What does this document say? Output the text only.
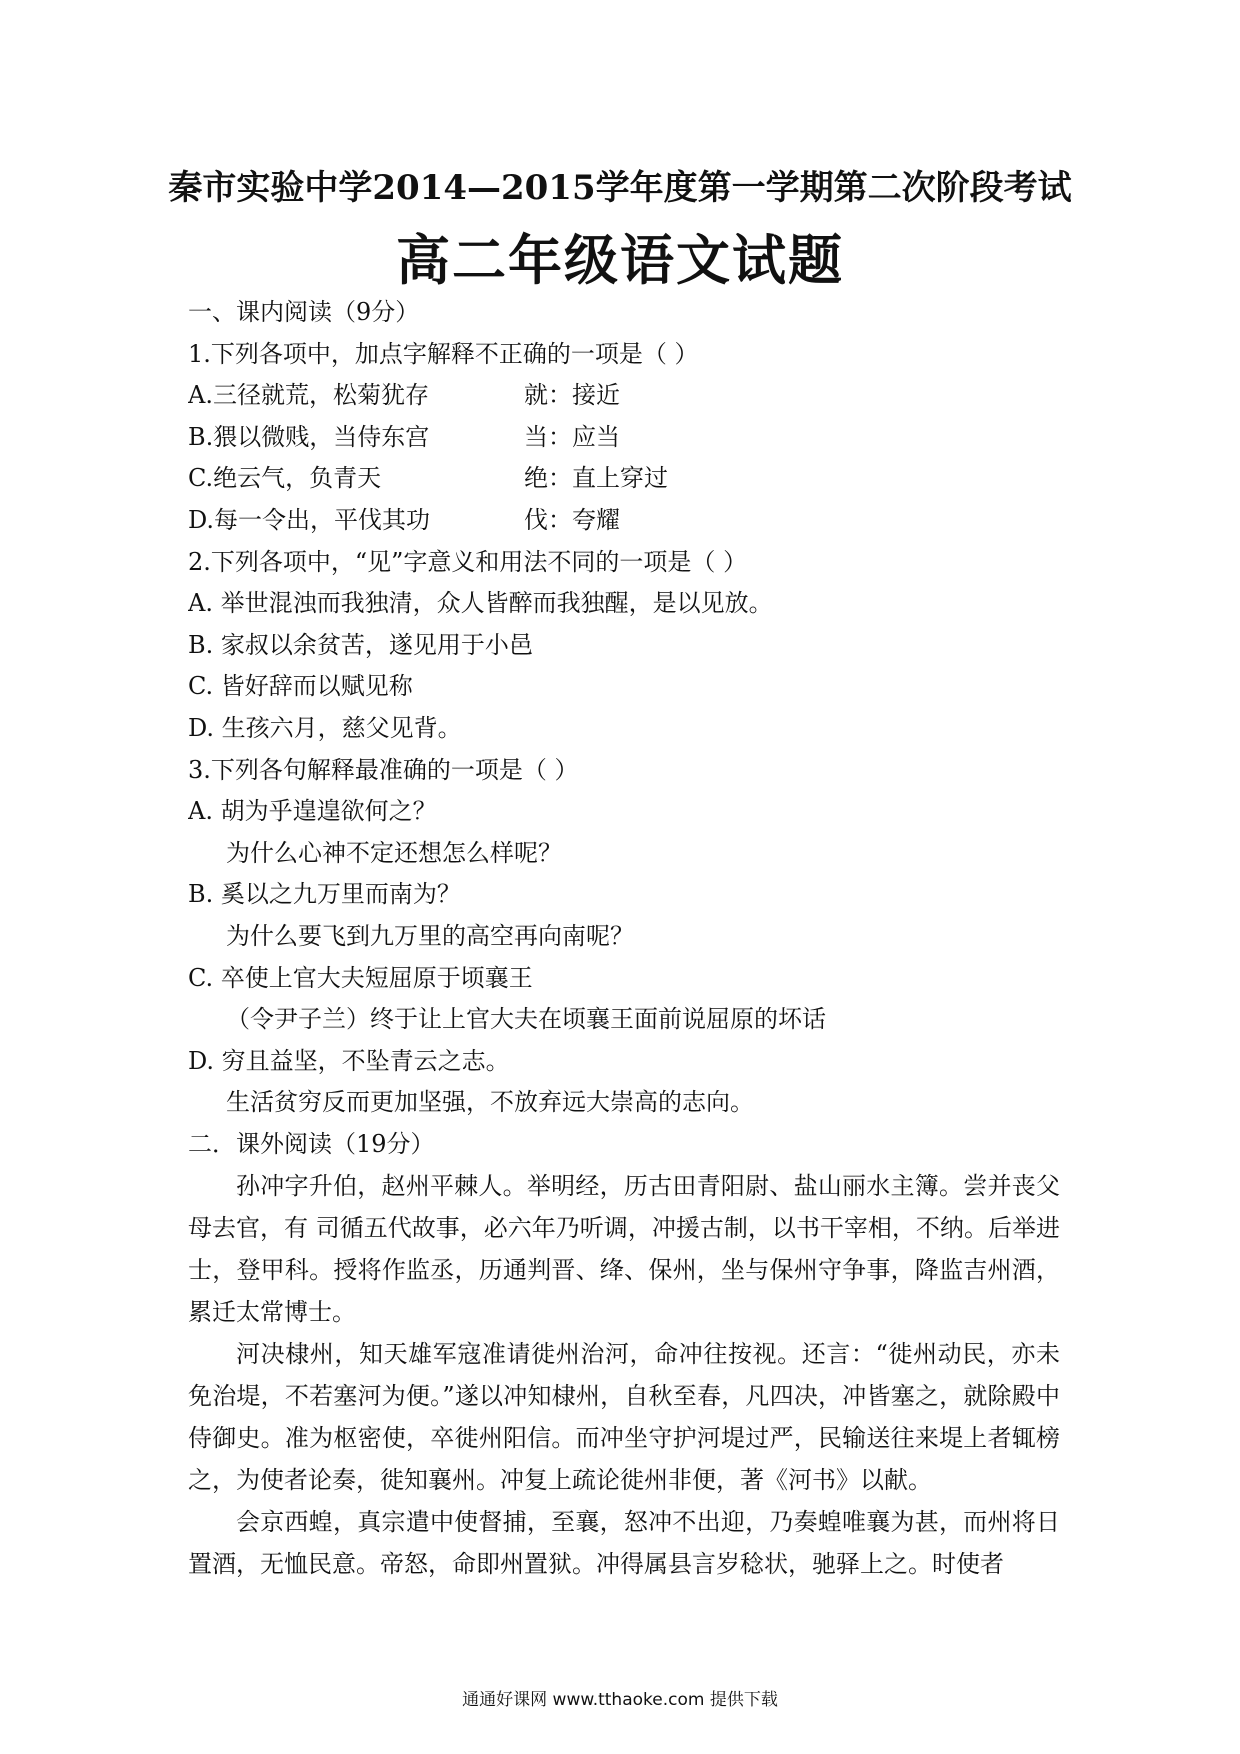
秦市实验中学2014—2015学年度第一学期第二次阶段考试
高二年级语文试题
一、课内阅读（9分）
1.下列各项中，加点字解释不正确的一项是（ ）
A.三径就荒，松菊犹存	就：接近
B.猥以微贱，当侍东宫	当：应当
C.绝云气，负青天	绝：直上穿过
D.每一令出，平伐其功	伐：夸耀
2.下列各项中，“见”字意义和用法不同的一项是（ ）
A. 举世混浊而我独清，众人皆醉而我独醒，是以见放。
B. 家叔以余贫苦，遂见用于小邑
C. 皆好辞而以赋见称
D. 生孩六月，慈父见背。
3.下列各句解释最准确的一项是（ ）
A. 胡为乎遑遑欲何之？
为什么心神不定还想怎么样呢？
B. 奚以之九万里而南为？
为什么要飞到九万里的高空再向南呢？
C. 卒使上官大夫短屈原于顷襄王
（令尹子兰）终于让上官大夫在顷襄王面前说屈原的坏话
D. 穷且益坚，不坠青云之志。
生活贫穷反而更加坚强，不放弃远大崇高的志向。
二．课外阅读（19分）

孙冲字升伯，赵州平棘人。举明经，历古田青阳尉、盐山丽水主簿。尝并丧父母去官，有 司循五代故事，必六年乃听调，冲援古制，以书干宰相，不纳。后举进士，登甲科。授将作监丞，历通判晋、绛、保州，坐与保州守争事，降监吉州酒，累迁太常博士。

河决棣州，知天雄军寇准请徙州治河，命冲往按视。还言：“徙州动民，亦未免治堤，不若塞河为便。”遂以冲知棣州，自秋至春，凡四决，冲皆塞之，就除殿中侍御史。准为枢密使，卒徙州阳信。而冲坐守护河堤过严，民输送往来堤上者辄榜之，为使者论奏，徙知襄州。冲复上疏论徙州非便，著《河书》以献。

会京西蝗，真宗遣中使督捕，至襄，怒冲不出迎，乃奏蝗唯襄为甚，而州将日置酒，无恤民意。帝怒，命即州置狱。冲得属县言岁稔状，驰驿上之。时使者

通通好课网 www.tthaoke.com 提供下载
